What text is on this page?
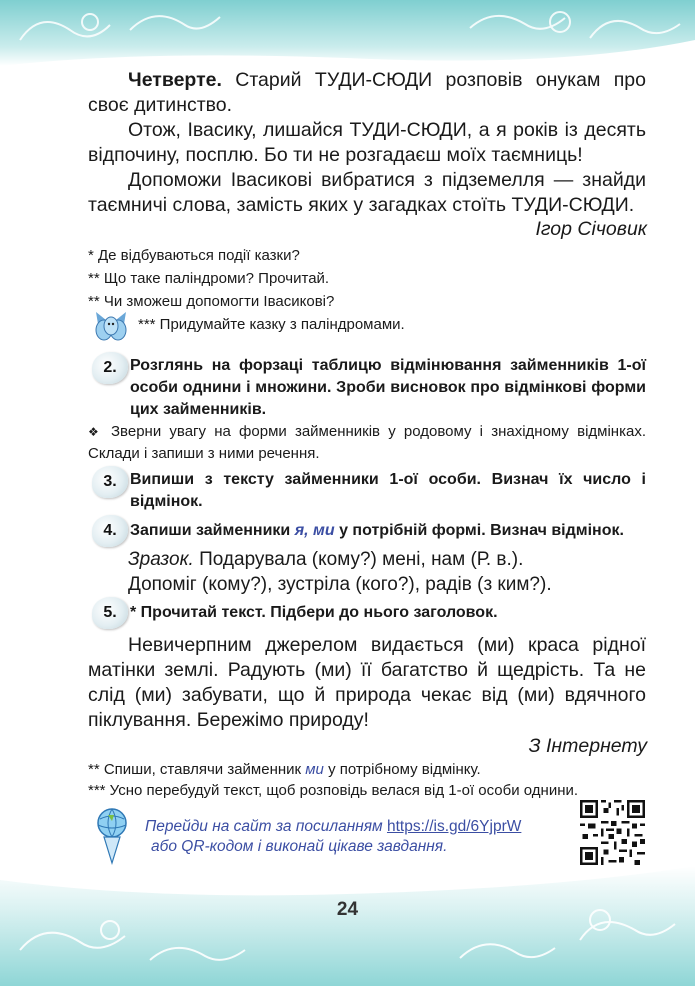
Четверте. Старий ТУДИ-СЮДИ розповів онукам про своє дитинство.
Отож, Івасику, лишайся ТУДИ-СЮДИ, а я років із десять відпочину, посплю. Бо ти не розгадаєш моїх таємниць!
Допоможи Івасикові вибратися з підземелля — знайди таємничі слова, замість яких у загадках стоїть ТУДИ-СЮДИ.
Ігор Січовик
* Де відбуваються події казки?
** Що таке паліндроми? Прочитай.
** Чи зможеш допомогти Івасикові?
*** Придумайте казку з паліндромами.
2. Розглянь на форзаці таблицю відмінювання займенників 1-ої особи однини і множини. Зроби висновок про відмінкові форми цих займенників.
❖ Зверни увагу на форми займенників у родовому і знахідному відмінках. Склади і запиши з ними речення.
3. Випиши з тексту займенники 1-ої особи. Визнач їх число і відмінок.
4. Запиши займенники я, ми у потрібній формі. Визнач відмінок.
Зразок. Подарувала (кому?) мені, нам (Р. в.).
Допоміг (кому?), зустріла (кого?), радів (з ким?).
5. * Прочитай текст. Підбери до нього заголовок.
Невичерпним джерелом видається (ми) краса рідної матінки землі. Радують (ми) її багатство й щедрість. Та не слід (ми) забувати, що й природа чекає від (ми) вдячного піклування. Бережімо природу!
З Інтернету
** Спиши, ставлячи займенник ми у потрібному відмінку.
*** Усно перебудуй текст, щоб розповідь велася від 1-ої особи однини.
Перейди на сайт за посиланням https://is.gd/6YjprW
або QR-кодом і виконай цікаве завдання.
24
